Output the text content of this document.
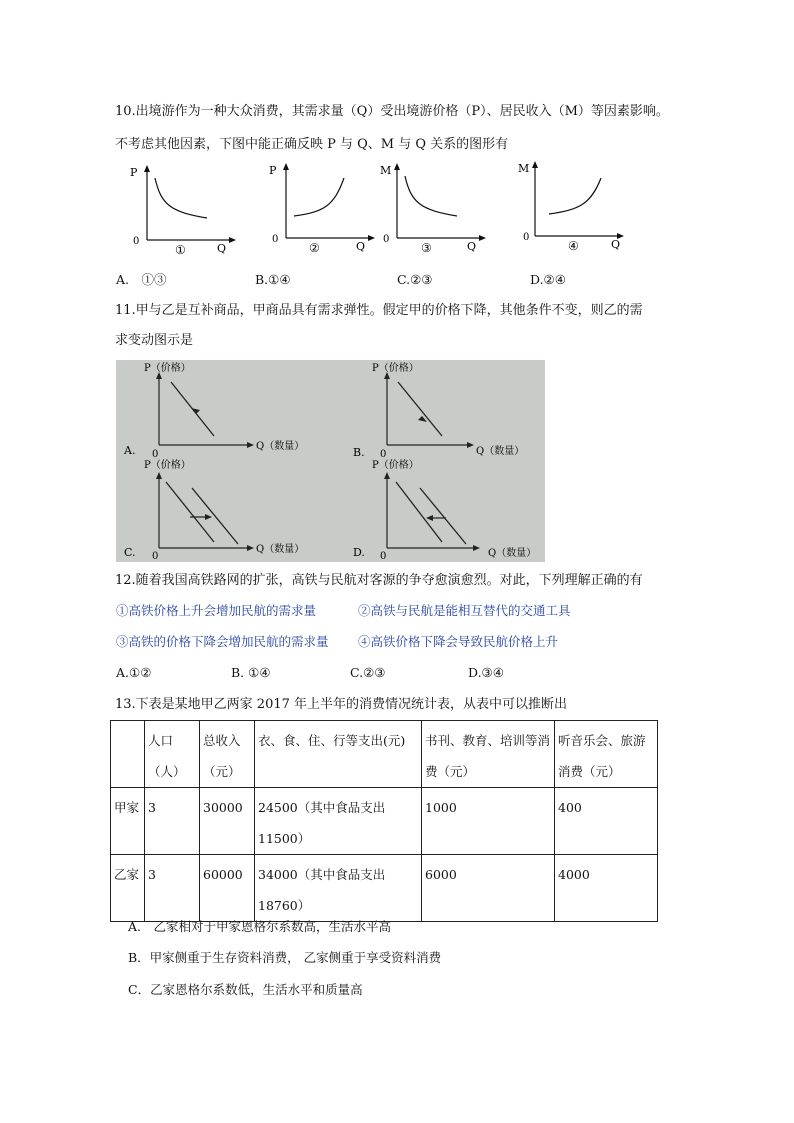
10.出境游作为一种大众消费，其需求量（Q）受出境游价格（P）、居民收入（M）等因素影响。
不考虑其他因素，下图中能正确反映 P 与 Q、M 与 Q 关系的图形有
P
0
Q
①
P
0
Q
②
M
0
Q
③
M
0
Q
④
A.　①③	B.①④	C.②③	D.②④
11.甲与乙是互补商品，甲商品具有需求弹性。假定甲的价格下降，其他条件不变，则乙的需
求变动图示是
P（价格）
0
Q（数量）
A.
P（价格）
0	Q（数量）
B.
P（价格）
0
Q（数量）
C.
P（价格）
0	Q（数量）
D.
12.随着我国高铁路网的扩张，高铁与民航对客源的争夺愈演愈烈。对此，下列理解正确的有
①高铁价格上升会增加民航的需求量	②高铁与民航是能相互替代的交通工具
③高铁的价格下降会增加民航的需求量 ④高铁价格下降会导致民航价格上升
A.①②	B. ①④	C.②③	D.③④
13.下表是某地甲乙两家 2017 年上半年的消费情况统计表，从表中可以推断出
	人口（人）	总收入（元）	衣、食、住、行等支出(元)	书刊、教育、培训等消费（元）	听音乐会、旅游消费（元）
甲家	3	30000	24500（其中食品支出11500）	1000	400
乙家	3	60000	34000（其中食品支出18760）	6000	4000
A.　乙家相对于甲家恩格尔系数高，生活水平高
B．甲家侧重于生存资料消费， 乙家侧重于享受资料消费
C．乙家恩格尔系数低，生活水平和质量高
